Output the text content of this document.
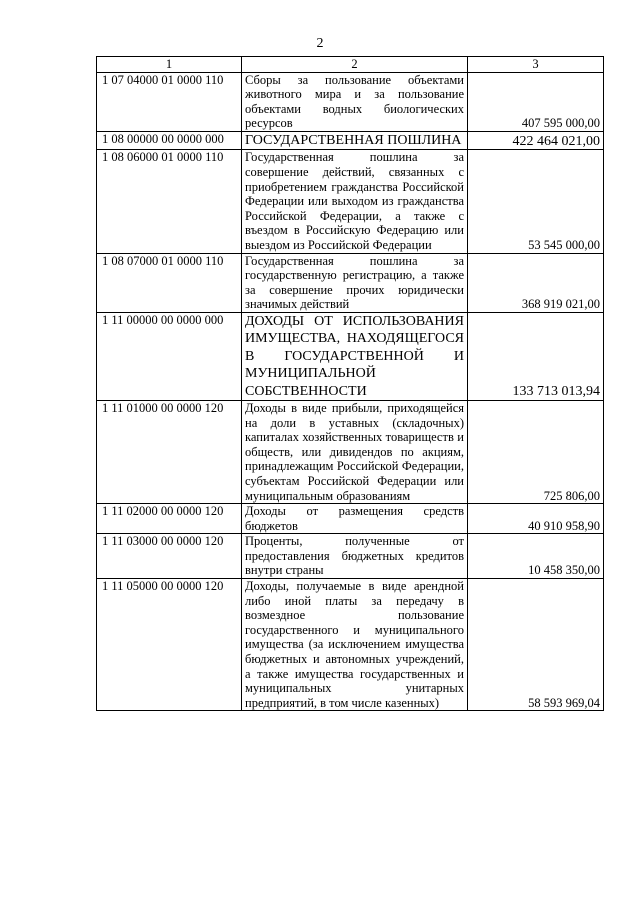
2
1	2	3
1 07 04000 01 0000 110	Сборы за пользование объектами животного мира и за пользование объектами водных биологических ресурсов	407 595 000,00
1 08 00000 00 0000 000	ГОСУДАРСТВЕННАЯ ПОШЛИНА	422 464 021,00
1 08 06000 01 0000 110	Государственная пошлина за совершение действий, связанных с приобретением гражданства Российской Федерации или выходом из гражданства Российской Федерации, а также с въездом в Российскую Федерацию или выездом из Российской Федерации	53 545 000,00
1 08 07000 01 0000 110	Государственная пошлина за государственную регистрацию, а также за совершение прочих юридически значимых действий	368 919 021,00
1 11 00000 00 0000 000	ДОХОДЫ ОТ ИСПОЛЬЗОВАНИЯ ИМУЩЕСТВА, НАХОДЯЩЕГОСЯ В ГОСУДАРСТВЕННОЙ И МУНИЦИПАЛЬНОЙ СОБСТВЕННОСТИ	133 713 013,94
1 11 01000 00 0000 120	Доходы в виде прибыли, приходящейся на доли в уставных (складочных) капиталах хозяйственных товариществ и обществ, или дивидендов по акциям, принадлежащим Российской Федерации, субъектам Российской Федерации или муниципальным образованиям	725 806,00
1 11 02000 00 0000 120	Доходы от размещения средств бюджетов	40 910 958,90
1 11 03000 00 0000 120	Проценты, полученные от предоставления бюджетных кредитов внутри страны	10 458 350,00
1 11 05000 00 0000 120	Доходы, получаемые в виде арендной либо иной платы за передачу в возмездное пользование государственного и муниципального имущества (за исключением имущества бюджетных и автономных учреждений, а также имущества государственных и муниципальных унитарных предприятий, в том числе казенных)	58 593 969,04
